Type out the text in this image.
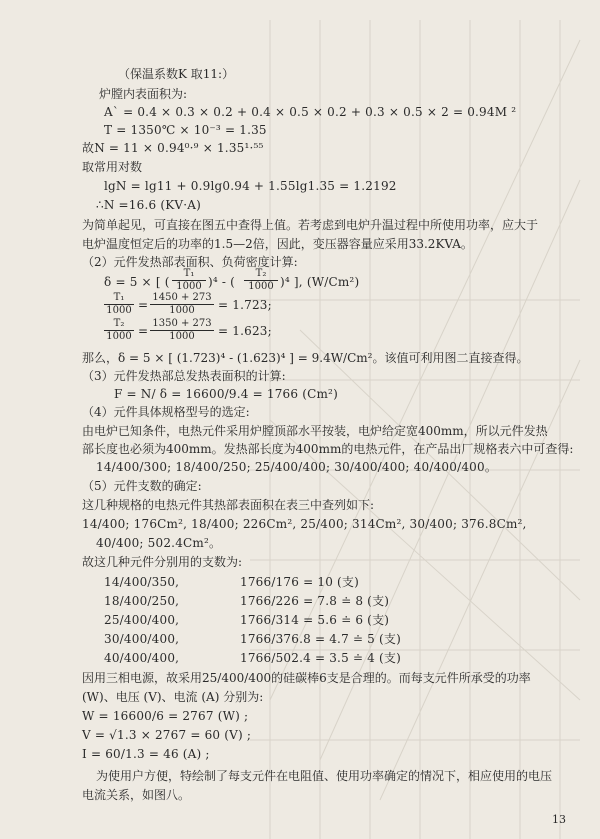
（保温系数K 取11:）
炉膛内表面积为:
A` = 0.4 × 0.3 × 0.2 + 0.4 × 0.5 × 0.2 + 0.3 × 0.5 × 2 = 0.94M ²
T = 1350℃ × 10⁻³ = 1.35
故N = 11 × 0.94⁰·⁹ × 1.35¹·⁵⁵
取常用对数
lgN = lg11 + 0.9lg0.94 + 1.55lg1.35 = 1.2192
∴N =16.6 (KV·A)
为简单起见，可直接在图五中查得上值。若考虑到电炉升温过程中所使用功率，应大于
电炉温度恒定后的功率的1.5—2倍，因此，变压器容量应采用33.2KVA。
（2）元件发热部表面积、负荷密度计算:
δ = 5 × [ ( $\frac{\text{T₁}}{1000} )^4$ - ( $\frac{\text{T₂}}{1000} )^4$ ], (W/Cm²)
$\frac{\text{T₁}}{1000} = \frac{1450 + 273}{1000} = 1.723$;
$\frac{\text{T₂}}{1000} = \frac{1350 + 273}{1000} = 1.623$;
那么，δ = 5 × [ (1.723)⁴ - (1.623)⁴ ] = 9.4W/Cm²。该值可利用图二直接查得。
（3）元件发热部总发热表面积的计算:
F = N/ δ = 16600/9.4 = 1766 (Cm²)
（4）元件具体规格型号的选定:
由电炉已知条件，电热元件采用炉膛顶部水平按装，电炉给定宽400mm，所以元件发热
部长度也必须为400mm。发热部长度为400mm的电热元件，在产品出厂规格表六中可查得:
14/400/300; 18/400/250; 25/400/400; 30/400/400; 40/400/400。
（5）元件支数的确定:
这几种规格的电热元件其热部表面积在表三中查列如下:
14/400; 176Cm², 18/400; 226Cm², 25/400; 314Cm², 30/400; 376.8Cm²,
40/400; 502.4Cm²。
故这几种元件分别用的支数为:
14/400/350,	1766/176 = 10 (支)
18/400/250,	1766/226 = 7.8 ≐ 8 (支)
25/400/400,	1766/314 = 5.6 ≐ 6 (支)
30/400/400,	1766/376.8 = 4.7 ≐ 5 (支)
40/400/400,	1766/502.4 = 3.5 ≐ 4 (支)
因用三相电源，故采用25/400/400的硅碳棒6支是合理的。而每支元件所承受的功率
(W)、电压 (V)、电流 (A) 分别为:
W = 16600/6 = 2767 (W) ;
V = √1.3 × 2767 = 60 (V) ;
I = 60/1.3 = 46 (A) ;
为使用户方便，特绘制了每支元件在电阻值、使用功率确定的情况下，相应使用的电压
电流关系，如图八。
13
